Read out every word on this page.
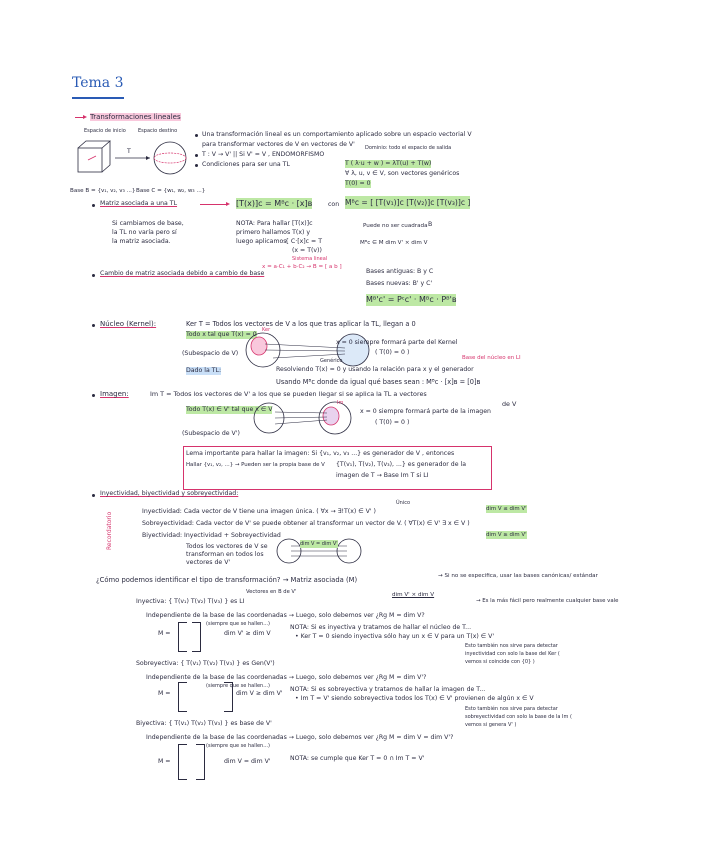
Tema 3
Transformaciones lineales
Espacio de inicio Espacio destino
T
Base B = {v₁, v₂, v₃ ...} Base C = {w₁, w₂, w₃ ...}
Una transformación lineal es un comportamiento aplicado sobre un espacio vectorial V
para transformar vectores de V en vectores de V'
T : V → V' || Si V' = V , ENDOMORFISMO
Dominio: todo el espacio de salida
Condiciones para ser una TL	T ( λ·u + w ) = λT(u) + T(w)
∀ λ, u, v ∈ V, son vectores genéricos
T(0) = 0
Matriz asociada a una TL	[T(x)]c = Mᴮc · [x]ʙ	con Mᴮc = [ [T(v₁)]c [T(v₂)]c [T(v₃)]c ]
B
Si cambiamos de base,
la TL no varía pero sí
la matriz asociada.
NOTA: Para hallar [T(x)]c
primero hallamos T(x) y
luego aplicamos
{ C·[x]c = T
(x = T(v))
Sistema lineal
x = a·C₁ + b·C₂ → B = [ a b ]
Puede no ser cuadrada
Mᴮc ∈ M dim V' × dim V
Cambio de matriz asociada debido a cambio de base	Bases antiguas: B y C
Bases nuevas: B' y C'
Mᴮ'c' = Pᶜc' · Mᴮc · Pᴮ'ʙ
Núcleo (Kernel):	Ker T = Todos los vectores de V a los que tras aplicar la TL, llegan a 0
Todo x tal que T(x) = 0
(Subespacio de V)
Ker
x = 0 siempre formará parte del Kernel
( T(0) = 0 )
Dado la TL:
Genérico	Base del núcleo en LI
Resolviendo T(x) = 0 y usando la relación para x y el generador
Usando Mᴮc donde da igual qué bases sean : Mᴮc · [x]ʙ = [0]ʙ
Imagen:	Im T = Todos los vectores de V' a los que se pueden llegar si se aplica la TL a vectores
de V
Todo T(x) ∈ V' tal que x ∈ V
(Subespacio de V')
Im
x = 0 siempre formará parte de la imagen
( T(0) = 0 )
Lema importante para hallar la imagen: Si {v₁, v₂, v₃ ...} es generador de V , entonces
{T(v₁), T(v₂), T(v₃), ...} es generador de la
imagen de T → Base Im T si LI
Hallar {v₁, v₂, ...} → Pueden ser la propia base de V
Inyectividad, biyectividad y sobreyectividad:
Recordatorio
Inyectividad: Cada vector de V tiene una imagen única. ( ∀x → ∃!T(x) ∈ V' )
Único
Sobreyectividad: Cada vector de V' se puede obtener al transformar un vector de V. ( ∀T(x) ∈ V' ∃ x ∈ V )
Biyectividad: Inyectividad + Sobreyectividad
Todos los vectores de V se
transforman en todos los
vectores de V'
dim V ≤ dim V'
dim V ≥ dim V'
dim V = dim V'
¿Cómo podemos identificar el tipo de transformación? → Matriz asociada (M)	→ Si no se especifica, usar las bases canónicas/ estándar
→ Es la más fácil pero realmente cualquier base vale
Vectores en B de V'	dim V' × dim V
Inyectiva: { T(v₁) T(v₂) T(v₃) } es LI
Independiente de la base de las coordenadas → Luego, solo debemos ver ¿Rg M = dim V?
(siempre que se hallen...)	NOTA: Si es inyectiva y tratamos de hallar el núcleo de T...
• Ker T = 0 siendo inyectiva sólo hay un x ∈ V para un T(x) ∈ V'
Esto también nos sirve para detectar inyectividad con solo la base del Ker ( vemos si coincide con {0} )
M =	dim V' ≥ dim V
Sobreyectiva: { T(v₁) T(v₂) T(v₃) } es Gen(V')
Independiente de la base de las coordenadas → Luego, solo debemos ver ¿Rg M = dim V'?
(siempre que se hallen...)	NOTA: Si es sobreyectiva y tratamos de hallar la imagen de T...
• Im T = V' siendo sobreyectiva todos los T(x) ∈ V' provienen de algún x ∈ V
Esto también nos sirve para detectar sobreyectividad con solo la base de la Im ( vemos si genera V' )
M =	dim V ≥ dim V'
Biyectiva: { T(v₁) T(v₂) T(v₃) } es base de V'
Independiente de la base de las coordenadas → Luego, solo debemos ver ¿Rg M = dim V = dim V'?
(siempre que se hallen...)
NOTA: se cumple que Ker T = 0 ∩ Im T = V'
M =	dim V = dim V'
